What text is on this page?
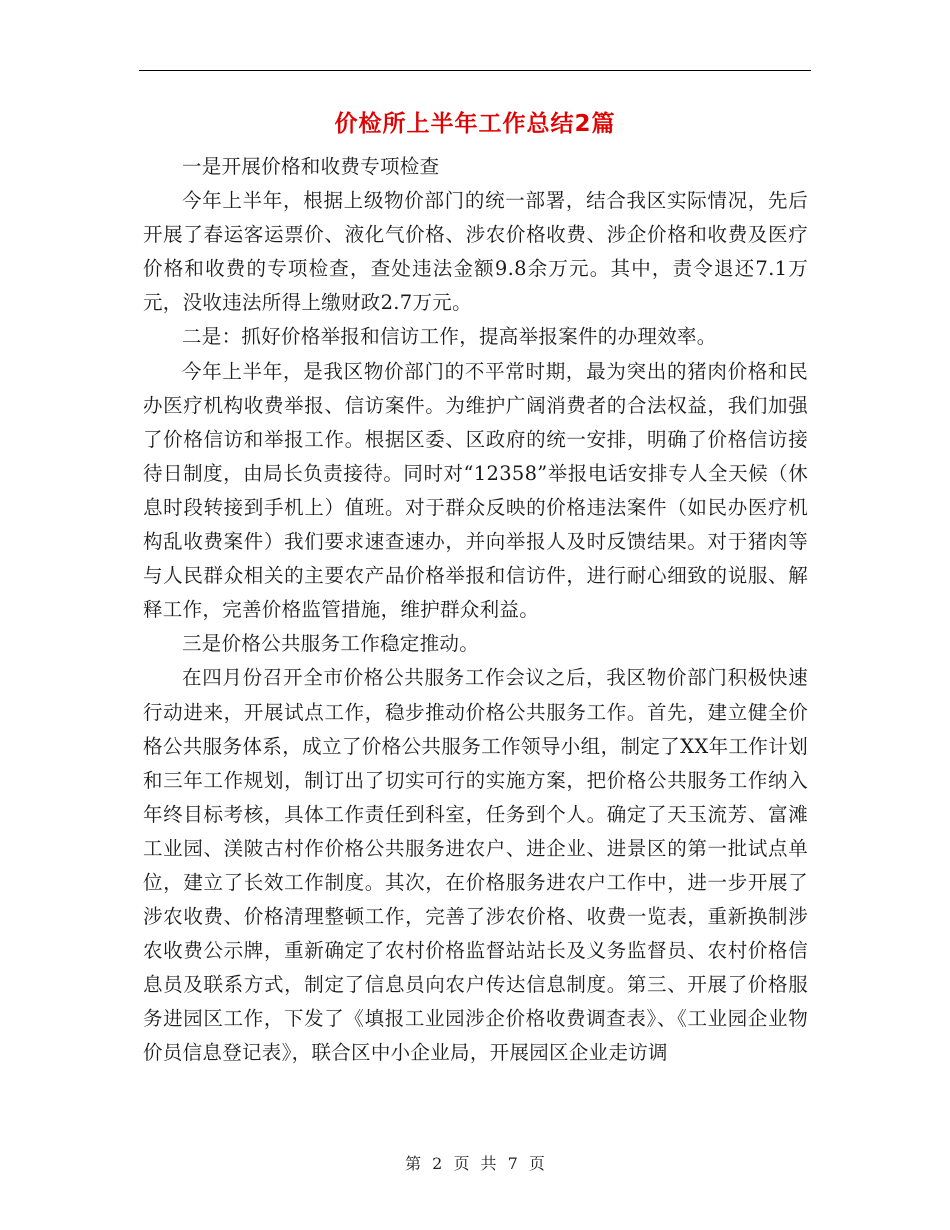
价检所上半年工作总结2篇

一是开展价格和收费专项检查

今年上半年，根据上级物价部门的统一部署，结合我区实际情况，先后开展了春运客运票价、液化气价格、涉农价格收费、涉企价格和收费及医疗价格和收费的专项检查，查处违法金额9.8余万元。其中，责令退还7.1万元，没收违法所得上缴财政2.7万元。

二是：抓好价格举报和信访工作，提高举报案件的办理效率。

今年上半年，是我区物价部门的不平常时期，最为突出的猪肉价格和民办医疗机构收费举报、信访案件。为维护广阔消费者的合法权益，我们加强了价格信访和举报工作。根据区委、区政府的统一安排，明确了价格信访接待日制度，由局长负责接待。同时对“12358”举报电话安排专人全天候（休息时段转接到手机上）值班。对于群众反映的价格违法案件（如民办医疗机构乱收费案件）我们要求速查速办，并向举报人及时反馈结果。对于猪肉等与人民群众相关的主要农产品价格举报和信访件，进行耐心细致的说服、解释工作，完善价格监管措施，维护群众利益。

三是价格公共服务工作稳定推动。

在四月份召开全市价格公共服务工作会议之后，我区物价部门积极快速行动进来，开展试点工作，稳步推动价格公共服务工作。首先，建立健全价格公共服务体系，成立了价格公共服务工作领导小组，制定了XX年工作计划和三年工作规划，制订出了切实可行的实施方案，把价格公共服务工作纳入年终目标考核，具体工作责任到科室，任务到个人。确定了天玉流芳、富滩工业园、渼陂古村作价格公共服务进农户、进企业、进景区的第一批试点单位，建立了长效工作制度。其次，在价格服务进农户工作中，进一步开展了涉农收费、价格清理整顿工作，完善了涉农价格、收费一览表，重新换制涉农收费公示牌，重新确定了农村价格监督站站长及义务监督员、农村价格信息员及联系方式，制定了信息员向农户传达信息制度。第三、开展了价格服务进园区工作，下发了《填报工业园涉企价格收费调查表》、《工业园企业物价员信息登记表》，联合区中小企业局，开展园区企业走访调

第 2 页 共 7 页
